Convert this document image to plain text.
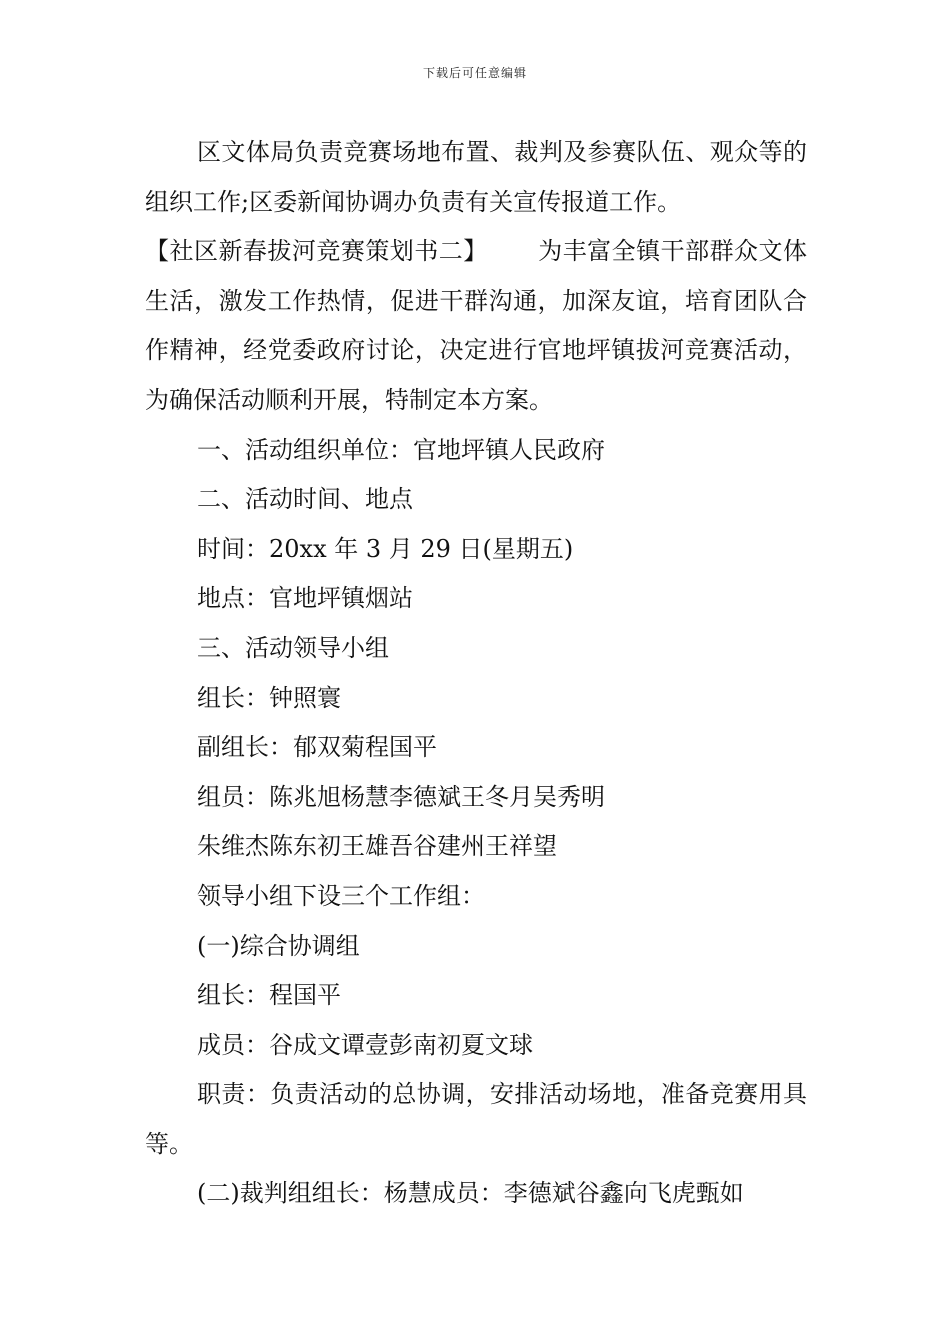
下载后可任意编辑

区文体局负责竞赛场地布置、裁判及参赛队伍、观众等的组织工作;区委新闻协调办负责有关宣传报道工作。

【社区新春拔河竞赛策划书二】 为丰富全镇干部群众文体生活，激发工作热情，促进干群沟通，加深友谊，培育团队合作精神，经党委政府讨论，决定进行官地坪镇拔河竞赛活动，为确保活动顺利开展，特制定本方案。

一、活动组织单位：官地坪镇人民政府

二、活动时间、地点

时间：20xx 年 3 月 29 日(星期五)

地点：官地坪镇烟站

三、活动领导小组

组长：钟照寰

副组长：郁双菊程国平

组员：陈兆旭杨慧李德斌王冬月吴秀明

朱维杰陈东初王雄吾谷建州王祥望

领导小组下设三个工作组：

(一)综合协调组

组长：程国平

成员：谷成文谭壹彭南初夏文球

职责：负责活动的总协调，安排活动场地，准备竞赛用具等。

(二)裁判组组长：杨慧成员：李德斌谷鑫向飞虎甄如
